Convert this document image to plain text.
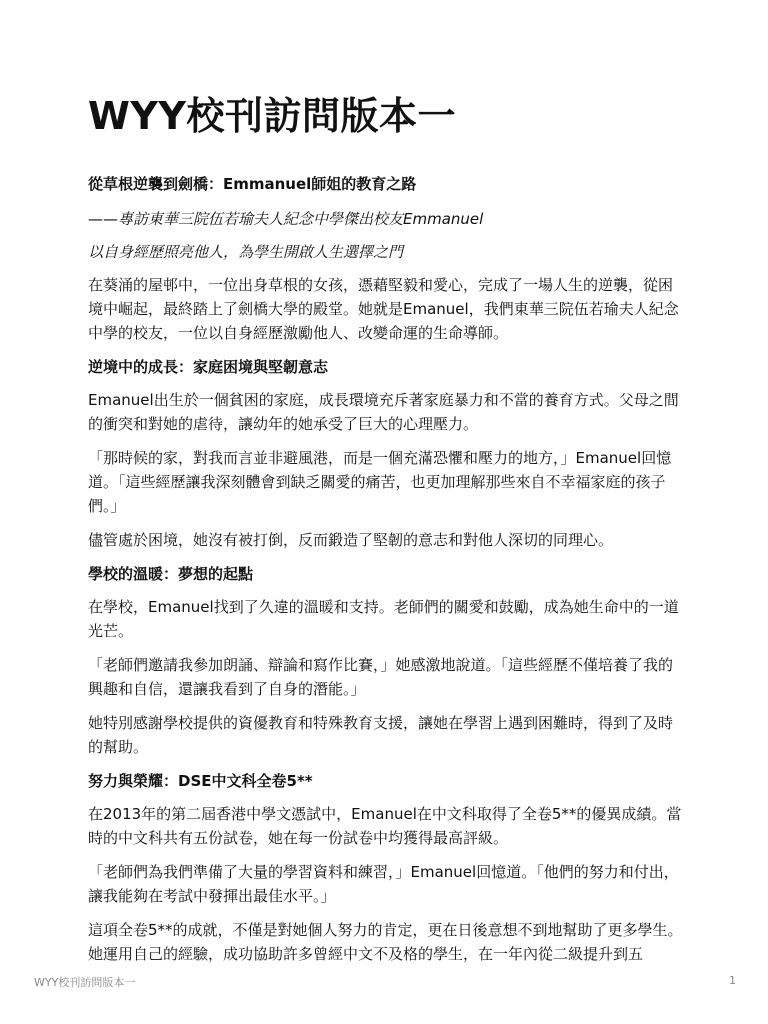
WYY校刊訪問版本一

從草根逆襲到劍橋：Emmanuel師姐的教育之路

——專訪東華三院伍若瑜夫人紀念中學傑出校友Emmanuel

以自身經歷照亮他人，為學生開啟人生選擇之門

在葵涌的屋邨中，一位出身草根的女孩，憑藉堅毅和愛心，完成了一場人生的逆襲，從困境中崛起，最終踏上了劍橋大學的殿堂。她就是Emanuel，我們東華三院伍若瑜夫人紀念中學的校友，一位以自身經歷激勵他人、改變命運的生命導師。

逆境中的成長：家庭困境與堅韌意志

Emanuel出生於一個貧困的家庭，成長環境充斥著家庭暴力和不當的養育方式。父母之間的衝突和對她的虐待，讓幼年的她承受了巨大的心理壓力。

「那時候的家，對我而言並非避風港，而是一個充滿恐懼和壓力的地方，」Emanuel回憶道。「這些經歷讓我深刻體會到缺乏關愛的痛苦，也更加理解那些來自不幸福家庭的孩子們。」

儘管處於困境，她沒有被打倒，反而鍛造了堅韌的意志和對他人深切的同理心。

學校的溫暖：夢想的起點

在學校，Emanuel找到了久違的溫暖和支持。老師們的關愛和鼓勵，成為她生命中的一道光芒。

「老師們邀請我參加朗誦、辯論和寫作比賽，」她感激地說道。「這些經歷不僅培養了我的興趣和自信，還讓我看到了自身的潛能。」

她特別感謝學校提供的資優教育和特殊教育支援，讓她在學習上遇到困難時，得到了及時的幫助。

努力與榮耀：DSE中文科全卷5**

在2013年的第二屆香港中學文憑試中，Emanuel在中文科取得了全卷5**的優異成績。當時的中文科共有五份試卷，她在每一份試卷中均獲得最高評級。

「老師們為我們準備了大量的學習資料和練習，」Emanuel回憶道。「他們的努力和付出，讓我能夠在考試中發揮出最佳水平。」

這項全卷5**的成就，不僅是對她個人努力的肯定，更在日後意想不到地幫助了更多學生。她運用自己的經驗，成功協助許多曾經中文不及格的學生，在一年內從二級提升到五

WYY校刊訪問版本一	1
